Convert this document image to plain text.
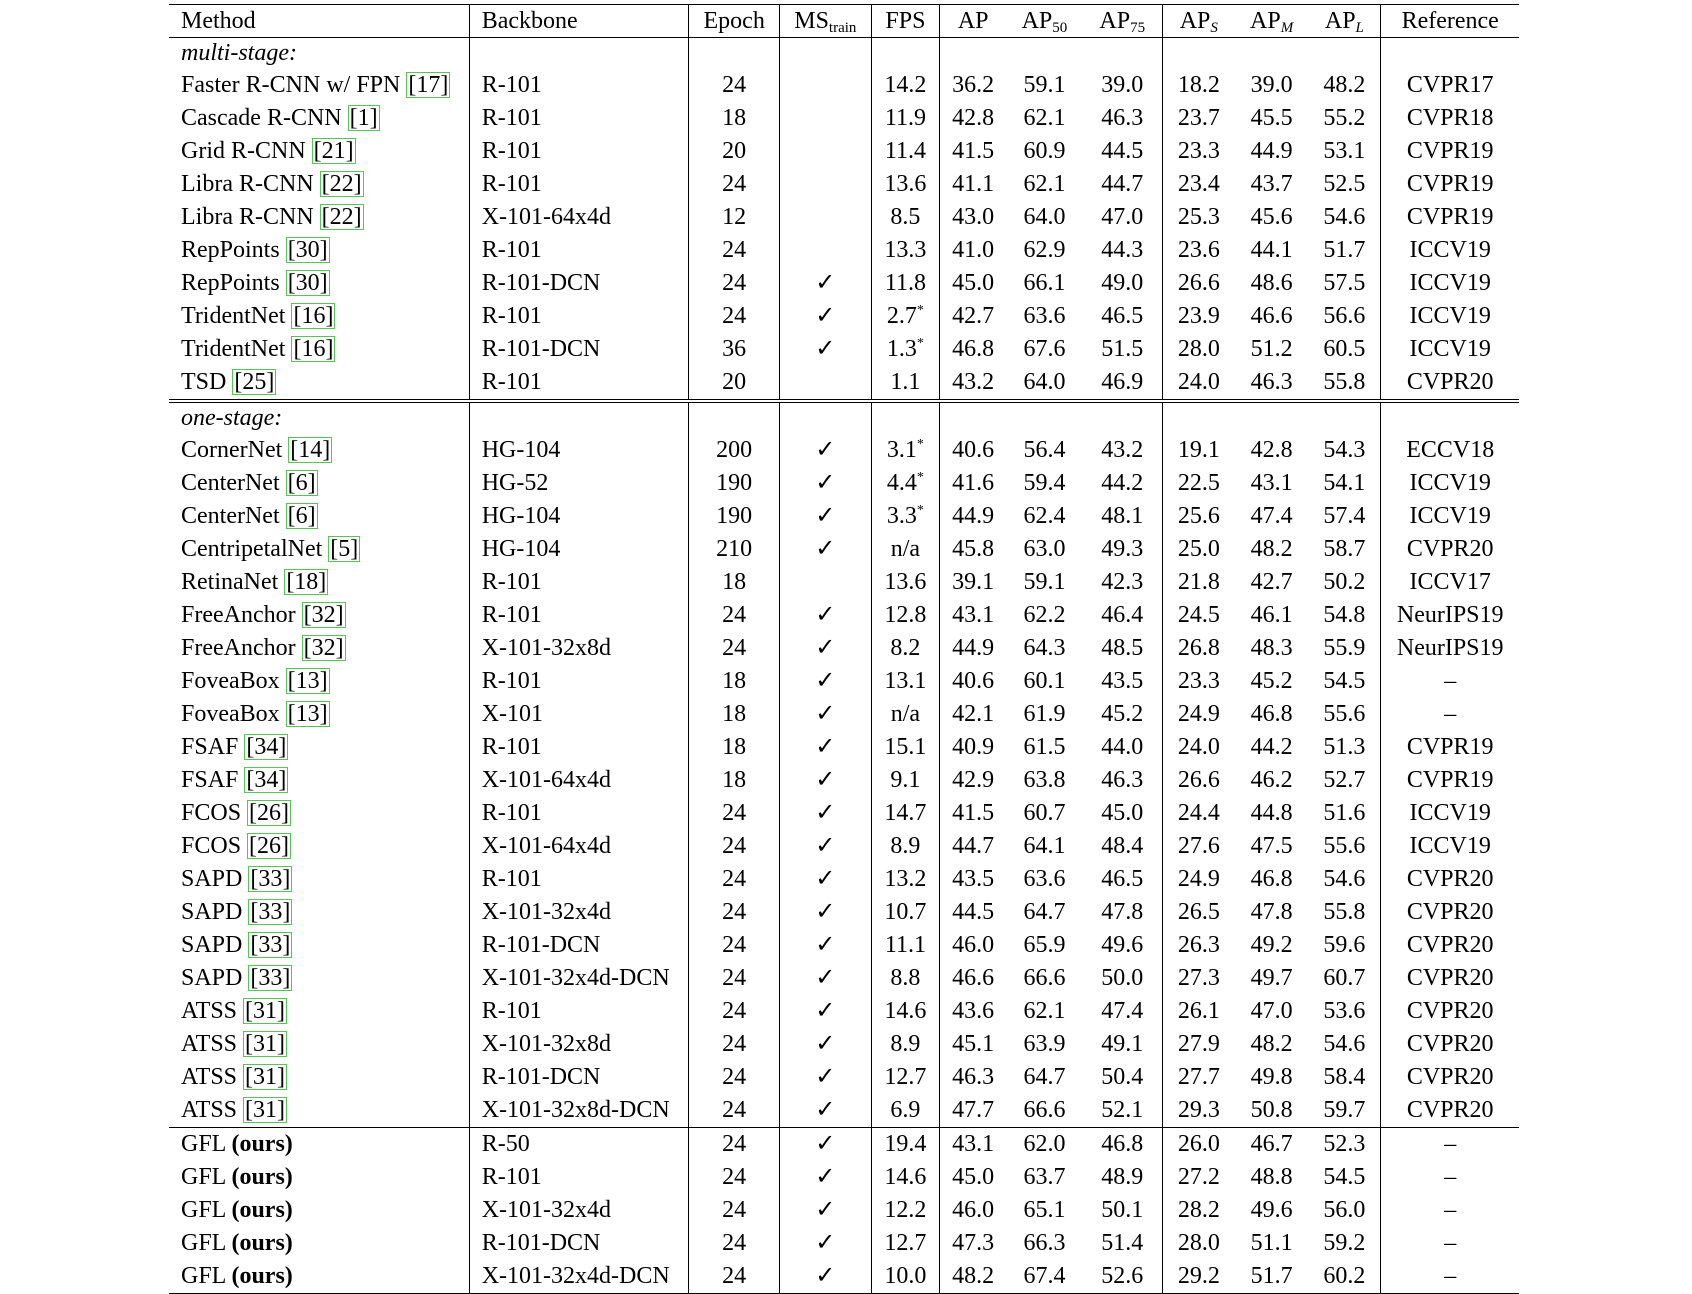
Method	Backbone	Epoch	$MS_{train}$	FPS	AP	$AP_{50}$	$AP_{75}$	$AP_S$	$AP_M$	$AP_L$	Reference
multi-stage:											
Faster R-CNN w/ FPN [17]	R-101	24		14.2	36.2	59.1	39.0	18.2	39.0	48.2	CVPR17
Cascade R-CNN [1]	R-101	18		11.9	42.8	62.1	46.3	23.7	45.5	55.2	CVPR18
Grid R-CNN [21]	R-101	20		11.4	41.5	60.9	44.5	23.3	44.9	53.1	CVPR19
Libra R-CNN [22]	R-101	24		13.6	41.1	62.1	44.7	23.4	43.7	52.5	CVPR19
Libra R-CNN [22]	X-101-64x4d	12		8.5	43.0	64.0	47.0	25.3	45.6	54.6	CVPR19
RepPoints [30]	R-101	24		13.3	41.0	62.9	44.3	23.6	44.1	51.7	ICCV19
RepPoints [30]	R-101-DCN	24	✓	11.8	45.0	66.1	49.0	26.6	48.6	57.5	ICCV19
TridentNet [16]	R-101	24	✓	2.7*	42.7	63.6	46.5	23.9	46.6	56.6	ICCV19
TridentNet [16]	R-101-DCN	36	✓	1.3*	46.8	67.6	51.5	28.0	51.2	60.5	ICCV19
TSD [25]	R-101	20		1.1	43.2	64.0	46.9	24.0	46.3	55.8	CVPR20
one-stage:											
CornerNet [14]	HG-104	200	✓	3.1*	40.6	56.4	43.2	19.1	42.8	54.3	ECCV18
CenterNet [6]	HG-52	190	✓	4.4*	41.6	59.4	44.2	22.5	43.1	54.1	ICCV19
CenterNet [6]	HG-104	190	✓	3.3*	44.9	62.4	48.1	25.6	47.4	57.4	ICCV19
CentripetalNet [5]	HG-104	210	✓	n/a	45.8	63.0	49.3	25.0	48.2	58.7	CVPR20
RetinaNet [18]	R-101	18		13.6	39.1	59.1	42.3	21.8	42.7	50.2	ICCV17
FreeAnchor [32]	R-101	24	✓	12.8	43.1	62.2	46.4	24.5	46.1	54.8	NeurIPS19
FreeAnchor [32]	X-101-32x8d	24	✓	8.2	44.9	64.3	48.5	26.8	48.3	55.9	NeurIPS19
FoveaBox [13]	R-101	18	✓	13.1	40.6	60.1	43.5	23.3	45.2	54.5	–
FoveaBox [13]	X-101	18	✓	n/a	42.1	61.9	45.2	24.9	46.8	55.6	–
FSAF [34]	R-101	18	✓	15.1	40.9	61.5	44.0	24.0	44.2	51.3	CVPR19
FSAF [34]	X-101-64x4d	18	✓	9.1	42.9	63.8	46.3	26.6	46.2	52.7	CVPR19
FCOS [26]	R-101	24	✓	14.7	41.5	60.7	45.0	24.4	44.8	51.6	ICCV19
FCOS [26]	X-101-64x4d	24	✓	8.9	44.7	64.1	48.4	27.6	47.5	55.6	ICCV19
SAPD [33]	R-101	24	✓	13.2	43.5	63.6	46.5	24.9	46.8	54.6	CVPR20
SAPD [33]	X-101-32x4d	24	✓	10.7	44.5	64.7	47.8	26.5	47.8	55.8	CVPR20
SAPD [33]	R-101-DCN	24	✓	11.1	46.0	65.9	49.6	26.3	49.2	59.6	CVPR20
SAPD [33]	X-101-32x4d-DCN	24	✓	8.8	46.6	66.6	50.0	27.3	49.7	60.7	CVPR20
ATSS [31]	R-101	24	✓	14.6	43.6	62.1	47.4	26.1	47.0	53.6	CVPR20
ATSS [31]	X-101-32x8d	24	✓	8.9	45.1	63.9	49.1	27.9	48.2	54.6	CVPR20
ATSS [31]	R-101-DCN	24	✓	12.7	46.3	64.7	50.4	27.7	49.8	58.4	CVPR20
ATSS [31]	X-101-32x8d-DCN	24	✓	6.9	47.7	66.6	52.1	29.3	50.8	59.7	CVPR20
GFL (ours)	R-50	24	✓	19.4	43.1	62.0	46.8	26.0	46.7	52.3	–
GFL (ours)	R-101	24	✓	14.6	45.0	63.7	48.9	27.2	48.8	54.5	–
GFL (ours)	X-101-32x4d	24	✓	12.2	46.0	65.1	50.1	28.2	49.6	56.0	–
GFL (ours)	R-101-DCN	24	✓	12.7	47.3	66.3	51.4	28.0	51.1	59.2	–
GFL (ours)	X-101-32x4d-DCN	24	✓	10.0	48.2	67.4	52.6	29.2	51.7	60.2	–
